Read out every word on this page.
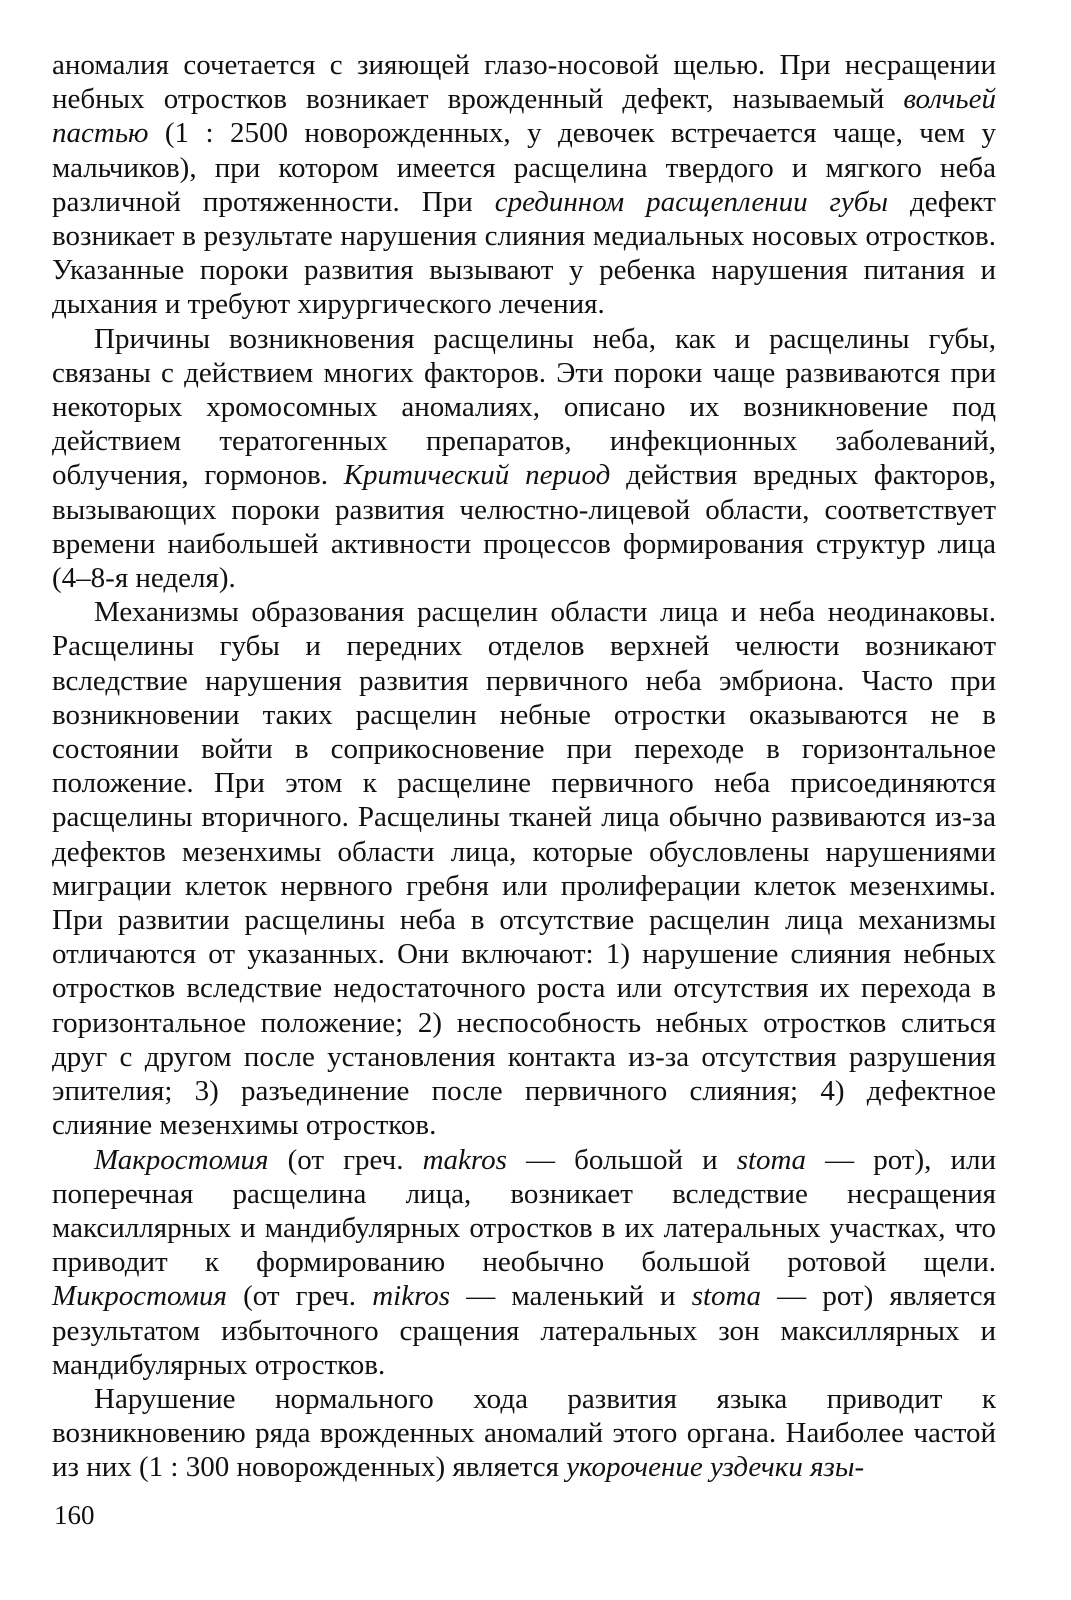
аномалия сочетается с зияющей глазо-носовой щелью. При несращении небных отростков возникает врожденный дефект, называемый волчьей пастью (1 : 2500 новорожденных, у девочек встречается чаще, чем у мальчиков), при котором имеется расщелина твердого и мягкого неба различной протяженности. При срединном расщеплении губы дефект возникает в результате нарушения слияния медиальных носовых отростков. Указанные пороки развития вызывают у ребенка нарушения питания и дыхания и требуют хирургического лечения.

Причины возникновения расщелины неба, как и расщелины губы, связаны с действием многих факторов. Эти пороки чаще развиваются при некоторых хромосомных аномалиях, описано их возникновение под действием тератогенных препаратов, инфекционных заболеваний, облучения, гормонов. Критический период действия вредных факторов, вызывающих пороки развития челюстно-лицевой области, соответствует времени наибольшей активности процессов формирования структур лица (4–8-я неделя).

Механизмы образования расщелин области лица и неба неодинаковы. Расщелины губы и передних отделов верхней челюсти возникают вследствие нарушения развития первичного неба эмбриона. Часто при возникновении таких расщелин небные отростки оказываются не в состоянии войти в соприкосновение при переходе в горизонтальное положение. При этом к расщелине первичного неба присоединяются расщелины вторичного. Расщелины тканей лица обычно развиваются из-за дефектов мезенхимы области лица, которые обусловлены нарушениями миграции клеток нервного гребня или пролиферации клеток мезенхимы. При развитии расщелины неба в отсутствие расщелин лица механизмы отличаются от указанных. Они включают: 1) нарушение слияния небных отростков вследствие недостаточного роста или отсутствия их перехода в горизонтальное положение; 2) неспособность небных отростков слиться друг с другом после установления контакта из-за отсутствия разрушения эпителия; 3) разъединение после первичного слияния; 4) дефектное слияние мезенхимы отростков.

Макростомия (от греч. makros — большой и stoma — рот), или поперечная расщелина лица, возникает вследствие несращения максиллярных и мандибулярных отростков в их латеральных участках, что приводит к формированию необычно большой ротовой щели. Микростомия (от греч. mikros — маленький и stoma — рот) является результатом избыточного сращения латеральных зон максиллярных и мандибулярных отростков.

Нарушение нормального хода развития языка приводит к возникновению ряда врожденных аномалий этого органа. Наиболее частой из них (1 : 300 новорожденных) является укорочение уздечки язы-

160
